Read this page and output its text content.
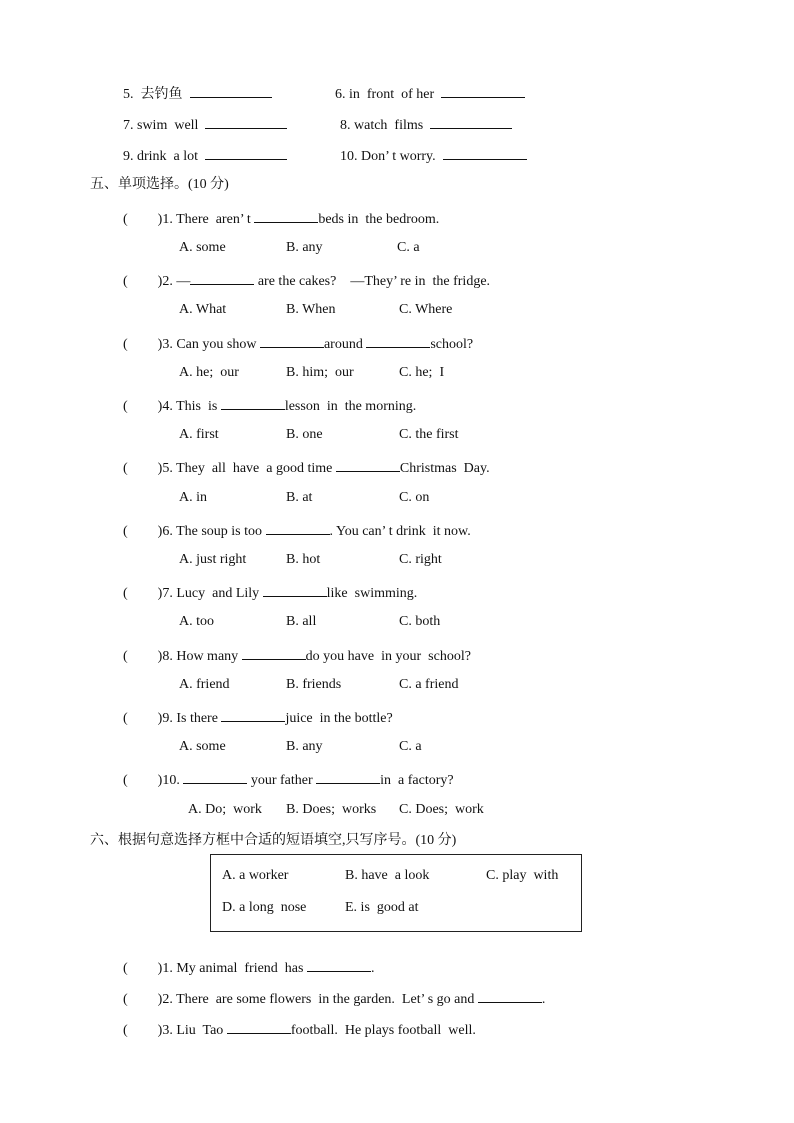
5.  去钓鱼	6. in  front  of her
7. swim  well	8. watch  films
9. drink  a lot	10. Don’ t worry.
五、单项选择。(10 分)
( )1. There  aren’ t	beds in  the bedroom.
A. some	B. any	C. a
( )2. —	are the cakes?    —They’ re in  the fridge.
A. What	B. When	C. Where
( )3. Can you show	around	school?
A. he;  our	B. him;  our	C. he;  I
( )4. This  is	lesson  in  the morning.
A. first	B. one	C. the first
( )5. They  all  have  a good time	Christmas  Day.
A. in	B. at	C. on
( )6. The soup is too	. You can’ t drink  it now.
A. just right	B. hot	C. right
( )7. Lucy  and Lily	like  swimming.
A. too	B. all	C. both
( )8. How many	do you have  in your  school?
A. friend	B. friends	C. a friend
( )9. Is there	juice  in the bottle?
A. some	B. any	C. a
( )10.	your father	in  a factory?
A. Do;  work B. Does;  works C. Does;  work
六、根据句意选择方框中合适的短语填空,只写序号。(10 分)
A. a worker	B. have  a look	C. play  with
D. a long  nose	E. is  good at
( )1. My animal  friend  has	.
( )2. There  are some flowers  in the garden.  Let’ s go and	.
( )3. Liu  Tao	football.  He plays football  well.
